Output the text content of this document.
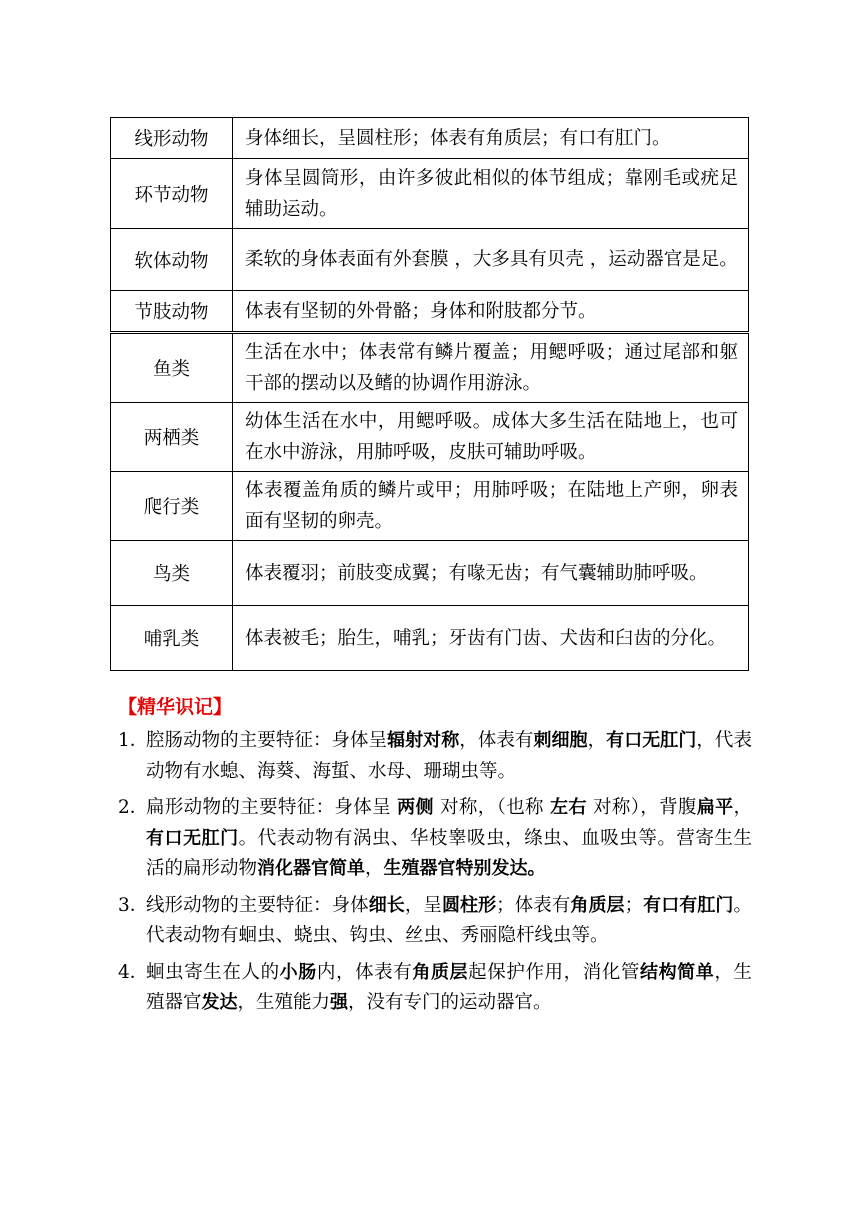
线形动物	身体细长，呈圆柱形；体表有角质层；有口有肛门。
环节动物	身体呈圆筒形，由许多彼此相似的体节组成；靠刚毛或疣足辅助运动。
软体动物	柔软的身体表面有外套膜 ，大多具有贝壳 ，运动器官是足。
节肢动物	体表有坚韧的外骨骼；身体和附肢都分节。
鱼类	生活在水中；体表常有鳞片覆盖；用鳃呼吸；通过尾部和躯干部的摆动以及鳍的协调作用游泳。
两栖类	幼体生活在水中，用鳃呼吸。成体大多生活在陆地上，也可在水中游泳，用肺呼吸，皮肤可辅助呼吸。
爬行类	体表覆盖角质的鳞片或甲；用肺呼吸；在陆地上产卵，卵表面有坚韧的卵壳。
鸟类	体表覆羽；前肢变成翼；有喙无齿；有气囊辅助肺呼吸。
哺乳类	体表被毛；胎生，哺乳；牙齿有门齿、犬齿和臼齿的分化。
【精华识记】
1．
腔肠动物的主要特征：身体呈辐射对称，体表有刺细胞，有口无肛门，代表动物有水螅、海葵、海蜇、水母、珊瑚虫等。
2．
扁形动物的主要特征：身体呈 两侧 对称，（也称 左右 对称），背腹扁平，有口无肛门。代表动物有涡虫、华枝睾吸虫，绦虫、血吸虫等。营寄生生活的扁形动物消化器官简单，生殖器官特别发达。
3．
线形动物的主要特征：身体细长，呈圆柱形；体表有角质层；有口有肛门。代表动物有蛔虫、蛲虫、钩虫、丝虫、秀丽隐杆线虫等。
4．
蛔虫寄生在人的小肠内，体表有角质层起保护作用，消化管结构简单，生殖器官发达，生殖能力强，没有专门的运动器官。
